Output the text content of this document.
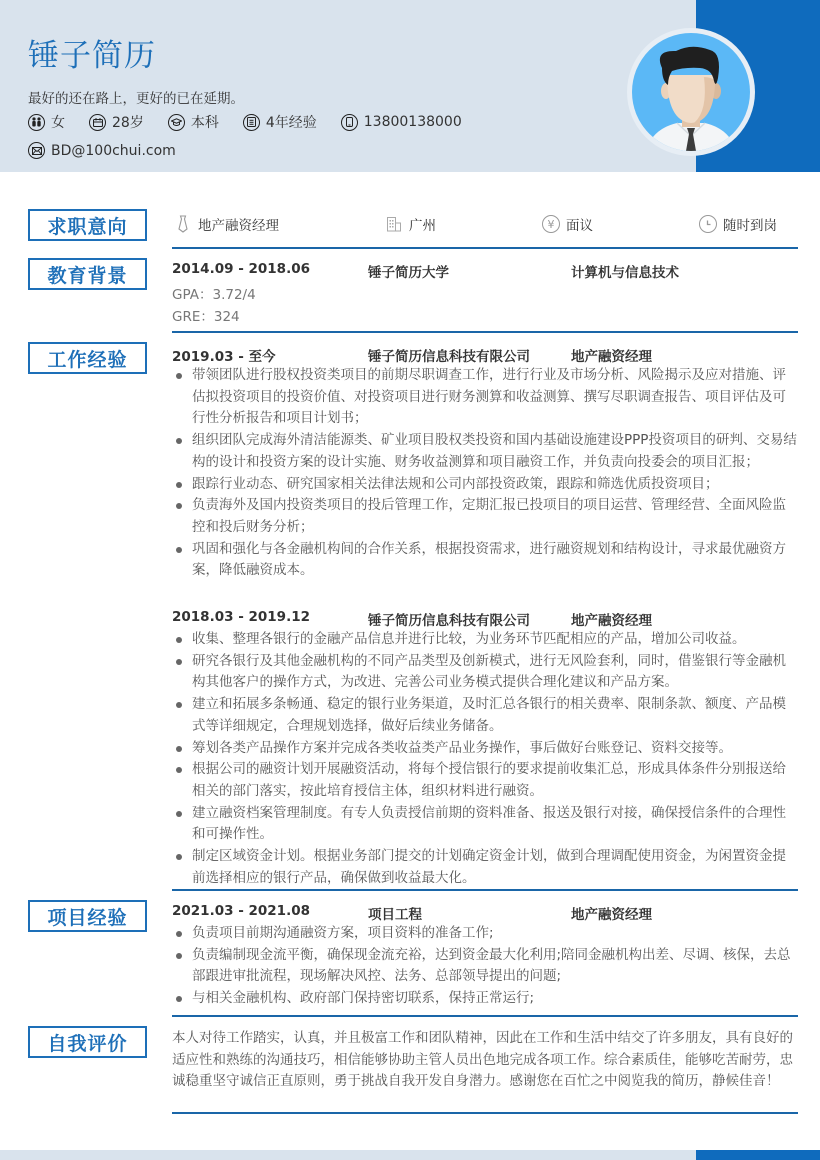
锤子简历
最好的还在路上，更好的已在延期。
女	28岁	本科	4年经验	13800138000
BD@100chui.com
求职意向	地产融资经理	广州	¥ 面议	随时到岗
教育背景	2014.09 - 2018.06	锤子简历大学	计算机与信息技术
GPA：3.72/4
GRE：324
工作经验	2019.03 - 至今	锤子简历信息科技有限公司	地产融资经理
带领团队进行股权投资类项目的前期尽职调查工作，进行行业及市场分析、风险揭示及应对措施、评估拟投资项目的投资价值、对投资项目进行财务测算和收益测算、撰写尽职调查报告、项目评估及可行性分析报告和项目计划书；
组织团队完成海外清洁能源类、矿业项目股权类投资和国内基础设施建设PPP投资项目的研判、交易结构的设计和投资方案的设计实施、财务收益测算和项目融资工作，并负责向投委会的项目汇报；
跟踪行业动态、研究国家相关法律法规和公司内部投资政策，跟踪和筛选优质投资项目；
负责海外及国内投资类项目的投后管理工作，定期汇报已投项目的项目运营、管理经营、全面风险监控和投后财务分析；
巩固和强化与各金融机构间的合作关系，根据投资需求，进行融资规划和结构设计，寻求最优融资方案，降低融资成本。
2018.03 - 2019.12	锤子简历信息科技有限公司	地产融资经理
收集、整理各银行的金融产品信息并进行比较，为业务环节匹配相应的产品，增加公司收益。
研究各银行及其他金融机构的不同产品类型及创新模式，进行无风险套利，同时，借鉴银行等金融机构其他客户的操作方式，为改进、完善公司业务模式提供合理化建议和产品方案。
建立和拓展多条畅通、稳定的银行业务渠道，及时汇总各银行的相关费率、限制条款、额度、产品模式等详细规定，合理规划选择，做好后续业务储备。
筹划各类产品操作方案并完成各类收益类产品业务操作，事后做好台账登记、资料交接等。
根据公司的融资计划开展融资活动，将每个授信银行的要求提前收集汇总，形成具体条件分别报送给相关的部门落实，按此培育授信主体，组织材料进行融资。
建立融资档案管理制度。有专人负责授信前期的资料准备、报送及银行对接，确保授信条件的合理性和可操作性。
制定区域资金计划。根据业务部门提交的计划确定资金计划，做到合理调配使用资金，为闲置资金提前选择相应的银行产品，确保做到收益最大化。
项目经验	2021.03 - 2021.08	项目工程	地产融资经理
负责项目前期沟通融资方案，项目资料的准备工作;
负责编制现金流平衡，确保现金流充裕，达到资金最大化利用;陪同金融机构出差、尽调、核保，去总部跟进审批流程，现场解决风控、法务、总部领导提出的问题;
与相关金融机构、政府部门保持密切联系，保持正常运行;
自我评价	本人对待工作踏实，认真，并且极富工作和团队精神，因此在工作和生活中结交了许多朋友，具有良好的适应性和熟练的沟通技巧，相信能够协助主管人员出色地完成各项工作。综合素质佳，能够吃苦耐劳，忠诚稳重坚守诚信正直原则，勇于挑战自我开发自身潜力。感谢您在百忙之中阅览我的简历，静候佳音！
